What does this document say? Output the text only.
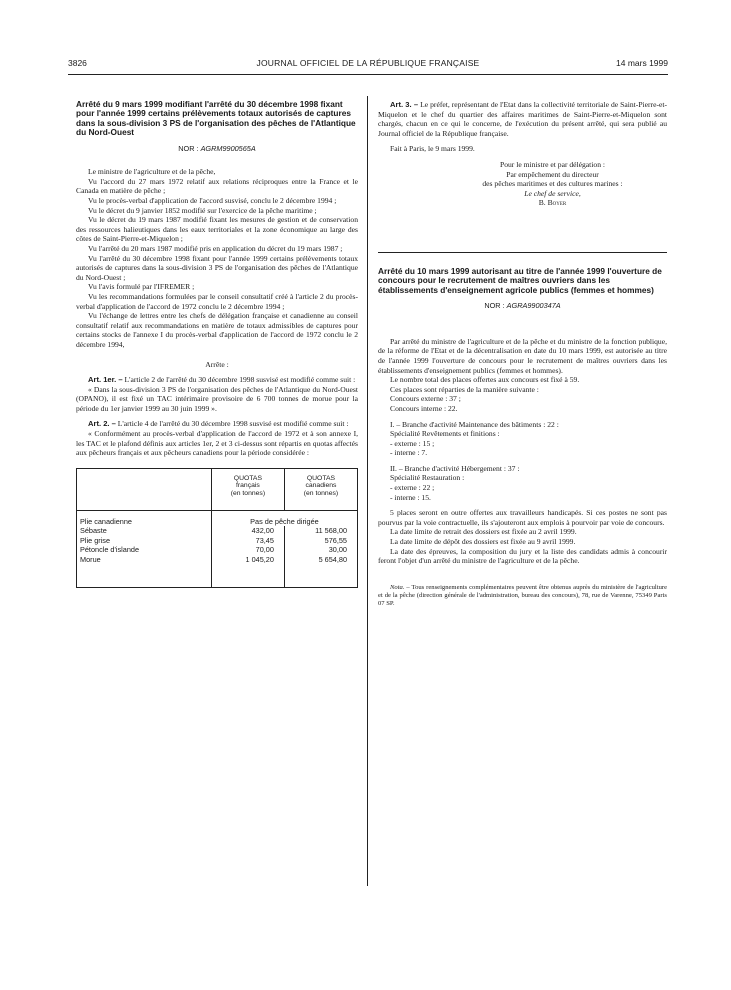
3826	JOURNAL OFFICIEL DE LA RÉPUBLIQUE FRANÇAISE	14 mars 1999
Arrêté du 9 mars 1999 modifiant l'arrêté du 30 décembre 1998 fixant pour l'année 1999 certains prélèvements totaux autorisés de captures dans la sous-division 3 PS de l'organisation des pêches de l'Atlantique du Nord-Ouest
NOR : AGRM9900565A

Le ministre de l'agriculture et de la pêche,

Vu l'accord du 27 mars 1972 relatif aux relations réciproques entre la France et le Canada en matière de pêche ;

Vu le procès-verbal d'application de l'accord susvisé, conclu le 2 décembre 1994 ;

Vu le décret du 9 janvier 1852 modifié sur l'exercice de la pêche maritime ;

Vu le décret du 19 mars 1987 modifié fixant les mesures de gestion et de conservation des ressources halieutiques dans les eaux territoriales et la zone économique au large des côtes de Saint-Pierre-et-Miquelon ;

Vu l'arrêté du 20 mars 1987 modifié pris en application du décret du 19 mars 1987 ;

Vu l'arrêté du 30 décembre 1998 fixant pour l'année 1999 certains prélèvements totaux autorisés de captures dans la sous-division 3 PS de l'organisation des pêches de l'Atlantique du Nord-Ouest ;

Vu l'avis formulé par l'IFREMER ;

Vu les recommandations formulées par le conseil consultatif créé à l'article 2 du procès-verbal d'application de l'accord de 1972 conclu le 2 décembre 1994 ;

Vu l'échange de lettres entre les chefs de délégation française et canadienne au conseil consultatif relatif aux recommandations en matière de totaux admissibles de captures pour certains stocks de l'annexe I du procès-verbal d'application de l'accord de 1972 conclu le 2 décembre 1994,

Arrête :

Art. 1er. – L'article 2 de l'arrêté du 30 décembre 1998 susvisé est modifié comme suit :

« Dans la sous-division 3 PS de l'organisation des pêches de l'Atlantique du Nord-Ouest (OPANO), il est fixé un TAC intérimaire provisoire de 6 700 tonnes de morue pour la période du 1er janvier 1999 au 30 juin 1999 ».

Art. 2. – L'article 4 de l'arrêté du 30 décembre 1998 susvisé est modifié comme suit :

« Conformément au procès-verbal d'application de l'accord de 1972 et à son annexe I, les TAC et le plafond définis aux articles 1er, 2 et 3 ci-dessus sont répartis en quotas affectés aux pêcheurs français et aux pêcheurs canadiens pour la période considérée :

	QUOTAS
français
(en tonnes)	QUOTAS
canadiens
(en tonnes)
Plie canadienne	Pas de pêche dirigée	
Sébaste	432,00	11 568,00
Plie grise	73,45	576,55
Pétoncle d'islande	70,00	30,00
Morue	1 045,20	5 654,80

Art. 3. – Le préfet, représentant de l'Etat dans la collectivité territoriale de Saint-Pierre-et-Miquelon et le chef du quartier des affaires maritimes de Saint-Pierre-et-Miquelon sont chargés, chacun en ce qui le concerne, de l'exécution du présent arrêté, qui sera publié au Journal officiel de la République française.

Fait à Paris, le 9 mars 1999.

Pour le ministre et par délégation :
Par empêchement du directeur
des pêches maritimes et des cultures marines :
Le chef de service,
B. Boyer
Arrêté du 10 mars 1999 autorisant au titre de l'année 1999 l'ouverture de concours pour le recrutement de maîtres ouvriers dans les établissements d'enseignement agricole publics (femmes et hommes)
NOR : AGRA9900347A

Par arrêté du ministre de l'agriculture et de la pêche et du ministre de la fonction publique, de la réforme de l'Etat et de la décentralisation en date du 10 mars 1999, est autorisée au titre de l'année 1999 l'ouverture de concours pour le recrutement de maîtres ouvriers dans les établissements d'enseignement publics (femmes et hommes).

Le nombre total des places offertes aux concours est fixé à 59.

Ces places sont réparties de la manière suivante :

Concours externe : 37 ;

Concours interne : 22.

I. – Branche d'activité Maintenance des bâtiments : 22 :

Spécialité Revêtements et finitions :

- externe : 15 ;

- interne : 7.

II. – Branche d'activité Hébergement : 37 :

Spécialité Restauration :

- externe : 22 ;

- interne : 15.

5 places seront en outre offertes aux travailleurs handicapés. Si ces postes ne sont pas pourvus par la voie contractuelle, ils s'ajouteront aux emplois à pourvoir par voie de concours.

La date limite de retrait des dossiers est fixée au 2 avril 1999.

La date limite de dépôt des dossiers est fixée au 9 avril 1999.

La date des épreuves, la composition du jury et la liste des candidats admis à concourir feront l'objet d'un arrêté du ministre de l'agriculture et de la pêche.

Nota. – Tous renseignements complémentaires peuvent être obtenus auprès du ministère de l'agriculture et de la pêche (direction générale de l'administration, bureau des concours), 78, rue de Varenne, 75349 Paris 07 SP.
